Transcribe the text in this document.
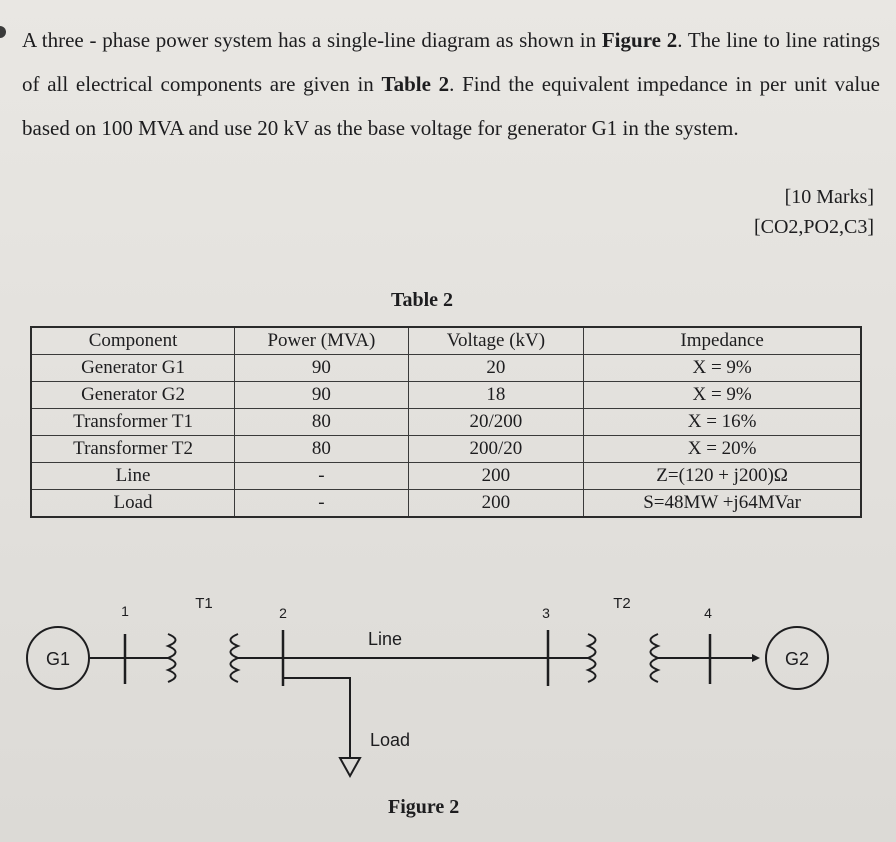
A three - phase power system has a single-line diagram as shown in Figure 2. The line to line ratings of all electrical components are given in Table 2. Find the equivalent impedance in per unit value based on 100 MVA and use 20 kV as the base voltage for generator G1 in the system.
[10 Marks]
[CO2,PO2,C3]
Table 2
Component	Power (MVA)	Voltage (kV)	Impedance
Generator G1	90	20	X = 9%
Generator G2	90	18	X = 9%
Transformer T1	80	20/200	X = 16%
Transformer T2	80	200/20	X = 20%
Line	-	200	Z=(120 + j200)Ω
Load	-	200	S=48MW +j64MVar
G1	G2
T1	T2
1	2	3	4
Line
Load
Figure 2
